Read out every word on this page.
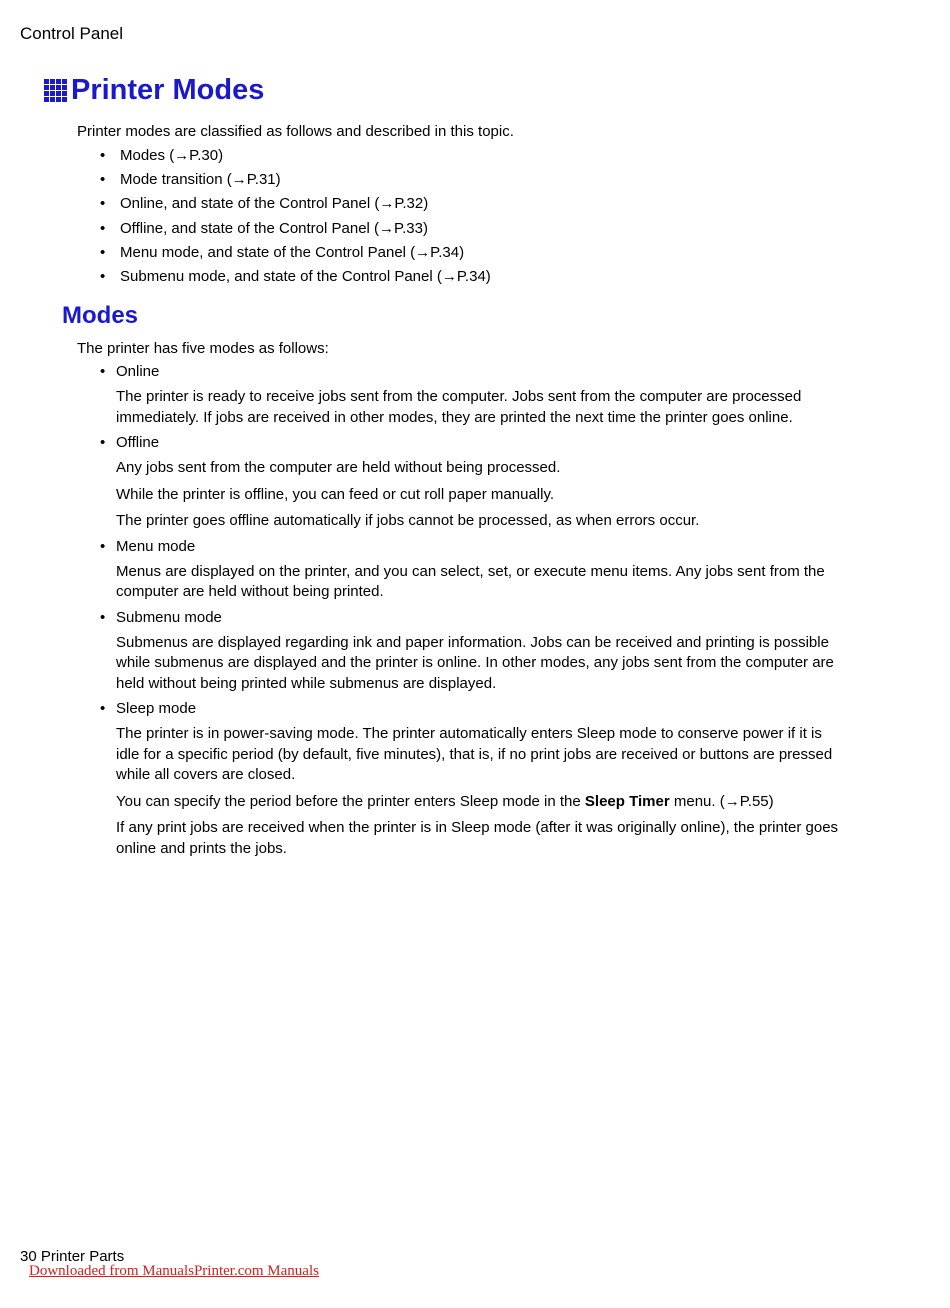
Control Panel
Printer Modes
Printer modes are classified as follows and described in this topic.
• Modes (→P.30)
• Mode transition (→P.31)
• Online, and state of the Control Panel (→P.32)
• Offline, and state of the Control Panel (→P.33)
• Menu mode, and state of the Control Panel (→P.34)
• Submenu mode, and state of the Control Panel (→P.34)
Modes
The printer has five modes as follows:
• Online

The printer is ready to receive jobs sent from the computer. Jobs sent from the computer are processed immediately. If jobs are received in other modes, they are printed the next time the printer goes online.

• Offline

Any jobs sent from the computer are held without being processed.

While the printer is offline, you can feed or cut roll paper manually.

The printer goes offline automatically if jobs cannot be processed, as when errors occur.

• Menu mode

Menus are displayed on the printer, and you can select, set, or execute menu items. Any jobs sent from the computer are held without being printed.

• Submenu mode

Submenus are displayed regarding ink and paper information. Jobs can be received and printing is possible while submenus are displayed and the printer is online. In other modes, any jobs sent from the computer are held without being printed while submenus are displayed.

• Sleep mode

The printer is in power-saving mode. The printer automatically enters Sleep mode to conserve power if it is idle for a specific period (by default, five minutes), that is, if no print jobs are received or buttons are pressed while all covers are closed.

You can specify the period before the printer enters Sleep mode in the Sleep Timer menu. (→P.55)

If any print jobs are received when the printer is in Sleep mode (after it was originally online), the printer goes online and prints the jobs.

30 Printer Parts
Downloaded from ManualsPrinter.com Manuals
